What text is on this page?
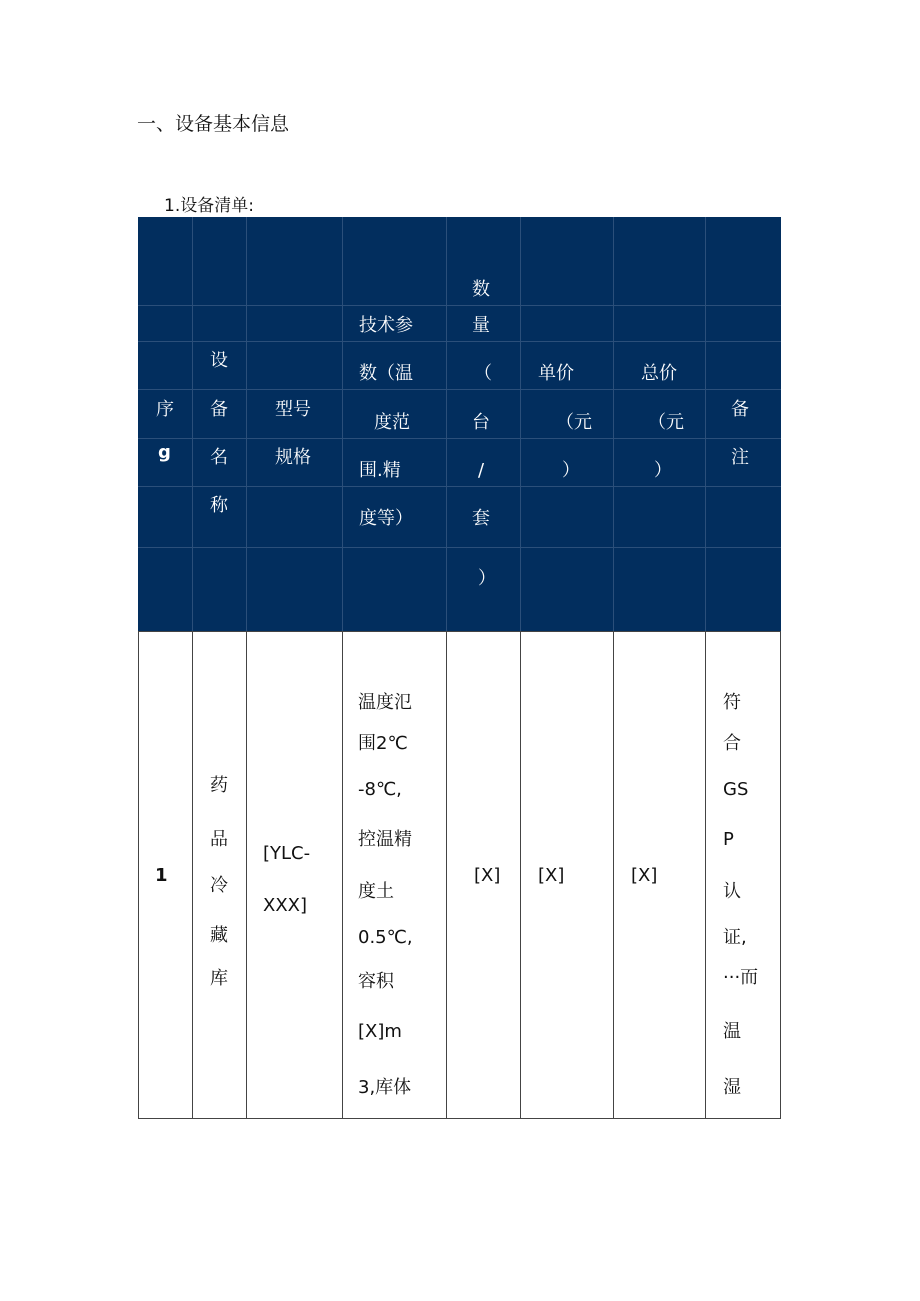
一、设备基本信息
1.设备清单:
序
g
设
备
名
称
型号
规格
技术参
数（温
度范
围.精
度等）
数
量
（
台
/
套
）
单价
（元
）
总价
（元
）
备
注
1
药
品
冷
藏
库
[YLC-
XXX]
温度氾
围2℃
-8℃,
控温精
度土
0.5℃,
容积
[X]m
3,库体
[X] [X]	[X]
符
合
GS
P
认
证,
···而
温
湿
